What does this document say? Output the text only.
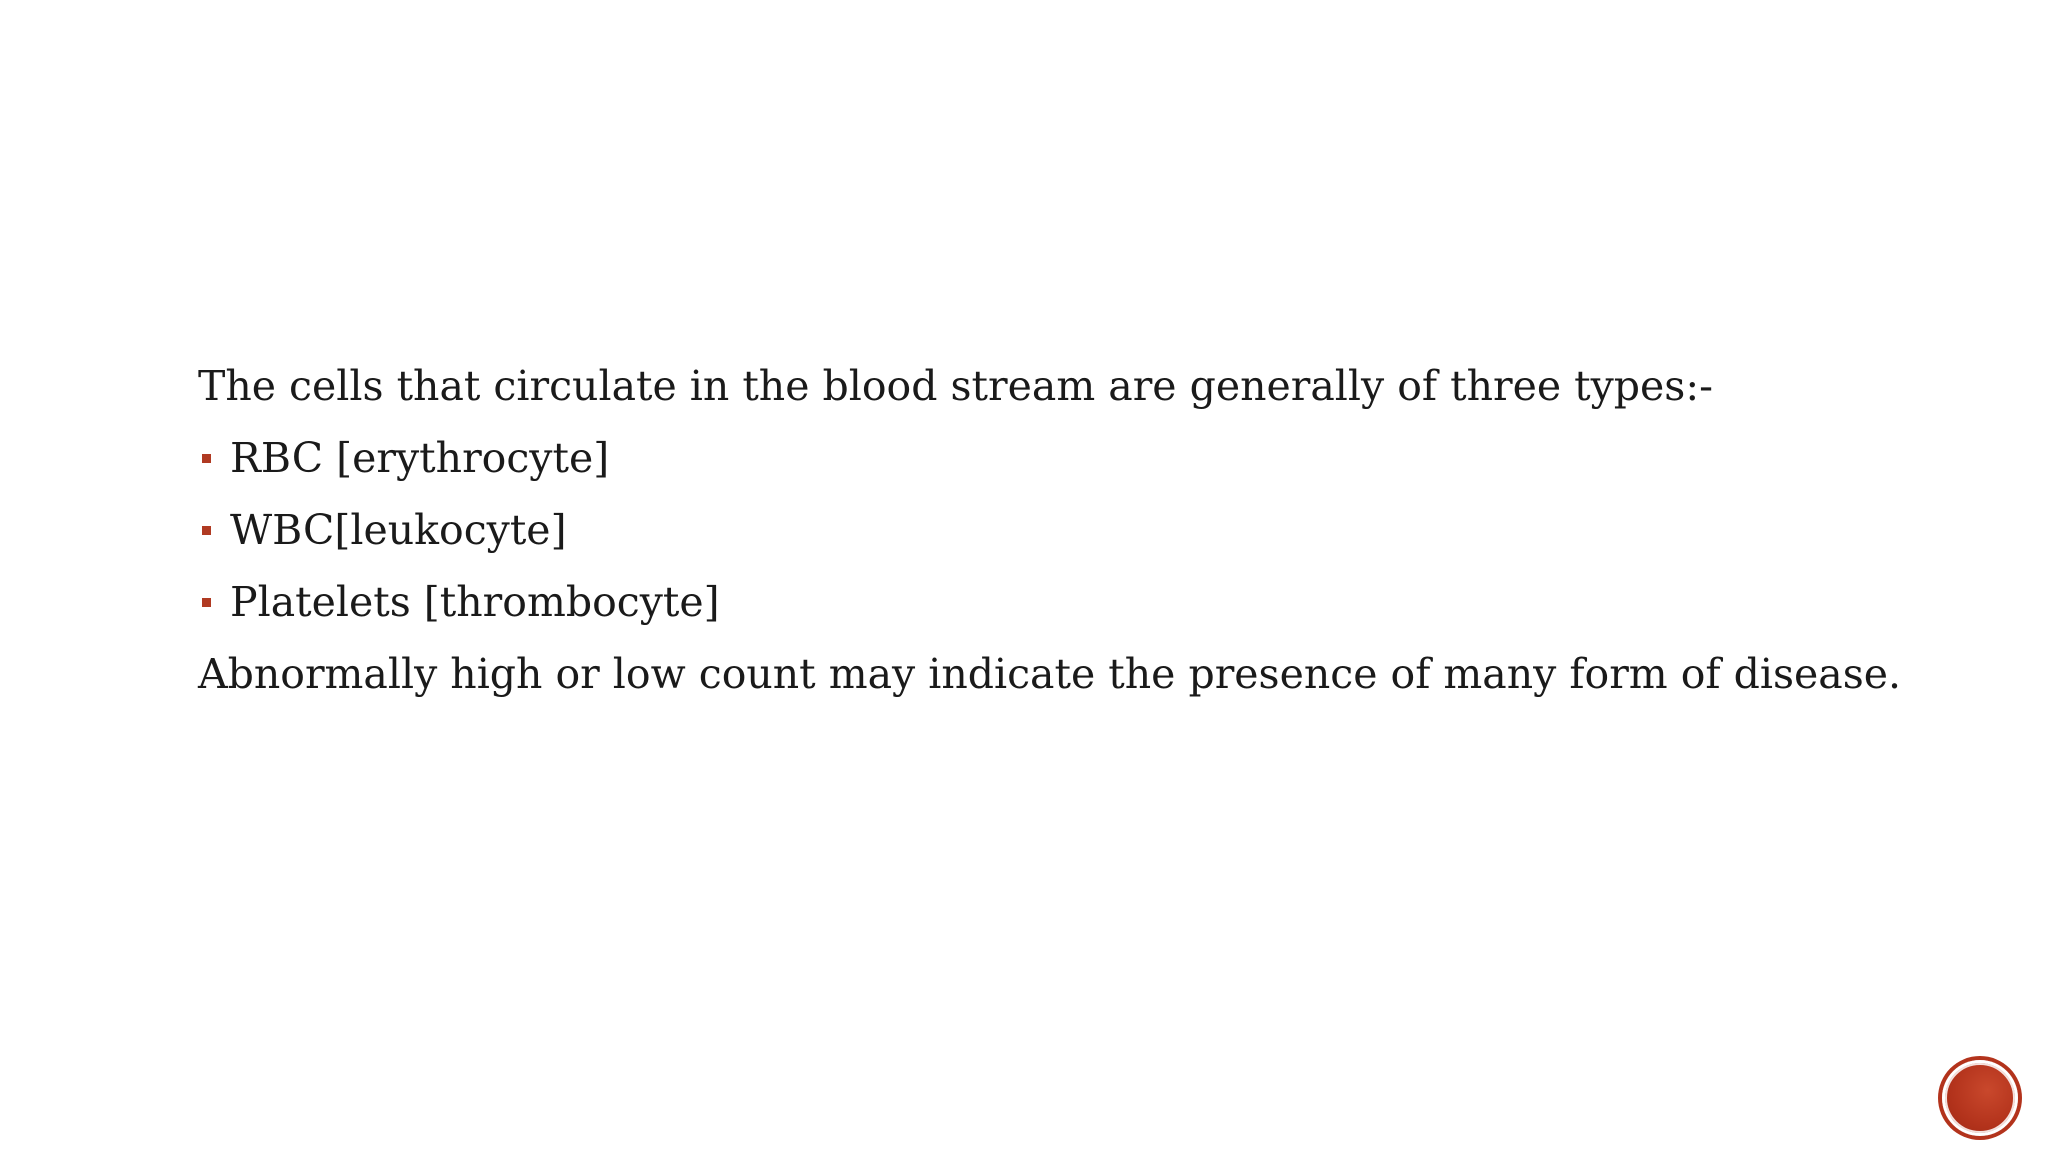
The cells that circulate in the blood stream are generally of three types:-
RBC [erythrocyte]
WBC[leukocyte]
Platelets [thrombocyte]
Abnormally high or low count may indicate the presence of many form of disease.
